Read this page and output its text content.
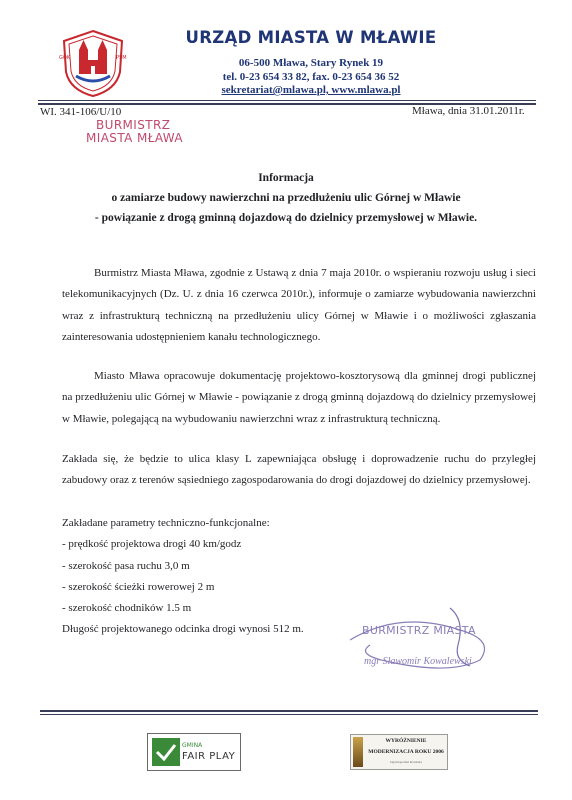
GOK	PSM
URZĄD MIASTA W MŁAWIE
06-500 Mława, Stary Rynek 19
tel. 0-23 654 33 82, fax. 0-23 654 36 52
sekretariat@mlawa.pl, www.mlawa.pl
WI. 341-106/U/10
BURMISTRZ
MIASTA MŁAWA
Mława, dnia 31.01.2011r.
Informacja
o zamiarze budowy nawierzchni na przedłużeniu ulic Górnej w Mławie
- powiązanie z drogą gminną dojazdową do dzielnicy przemysłowej w Mławie.

Burmistrz Miasta Mława, zgodnie z Ustawą z dnia 7 maja 2010r. o wspieraniu rozwoju usług i sieci telekomunikacyjnych (Dz. U. z dnia 16 czerwca 2010r.), informuje o zamiarze wybudowania nawierzchni wraz z infrastrukturą techniczną na przedłużeniu ulicy Górnej w Mławie i o możliwości zgłaszania zainteresowania udostępnieniem kanału technologicznego.

Miasto Mława opracowuje dokumentację projektowo-kosztorysową dla gminnej drogi publicznej na przedłużeniu ulic Górnej w Mławie - powiązanie z drogą gminną dojazdową do dzielnicy przemysłowej w Mławie, polegającą na wybudowaniu nawierzchni wraz z infrastrukturą techniczną.

Zakłada się, że będzie to ulica klasy L zapewniająca obsługę i doprowadzenie ruchu do przyległej zabudowy oraz z terenów sąsiedniego zagospodarowania do drogi dojazdowej do dzielnicy przemysłowej.

Zakładane parametry techniczno-funkcjonalne:
- prędkość projektowa drogi 40 km/godz
- szerokość pasa ruchu 3,0 m
- szerokość ścieżki rowerowej 2 m
- szerokość chodników 1.5 m
Długość projektowanego odcinka drogi wynosi 512 m.	BURMISTRZ MIASTA
mgr Sławomir Kowalewski
GMINA
FAIR PLAY
WYRÓŻNIENIE
MODERNIZACJA ROKU 2006
Ogólnopolski Konkurs
